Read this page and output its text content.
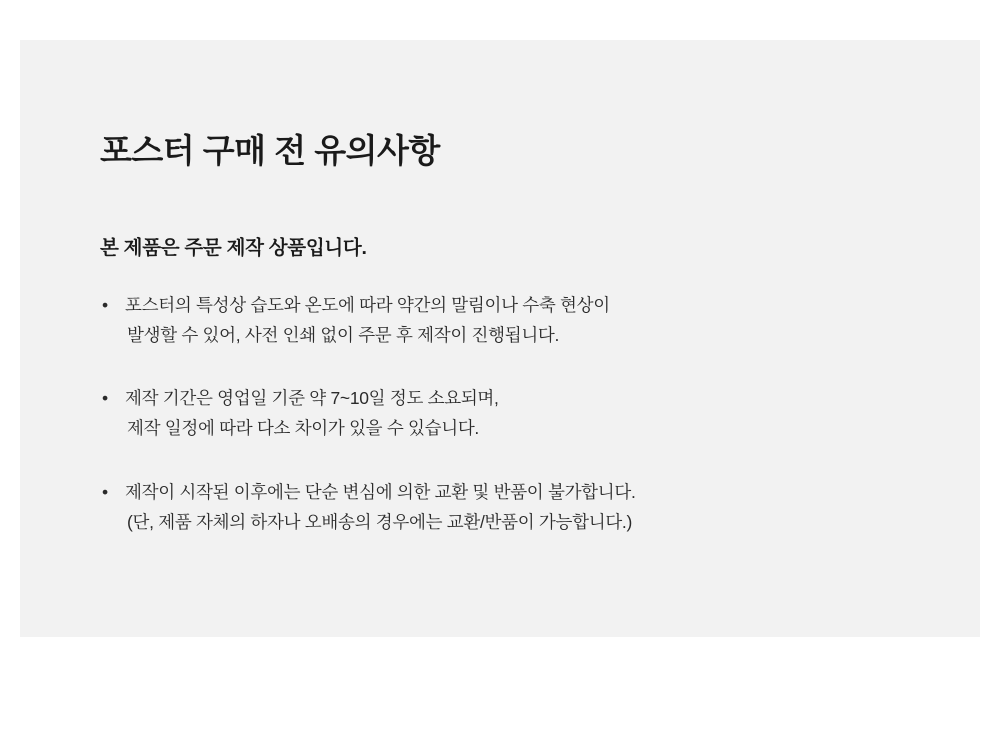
포스터 구매 전 유의사항
본 제품은 주문 제작 상품입니다.
• 포스터의 특성상 습도와 온도에 따라 약간의 말림이나 수축 현상이
발생할 수 있어, 사전 인쇄 없이 주문 후 제작이 진행됩니다.
• 제작 기간은 영업일 기준 약 7~10일 정도 소요되며,
제작 일정에 따라 다소 차이가 있을 수 있습니다.
• 제작이 시작된 이후에는 단순 변심에 의한 교환 및 반품이 불가합니다.
(단, 제품 자체의 하자나 오배송의 경우에는 교환/반품이 가능합니다.)
